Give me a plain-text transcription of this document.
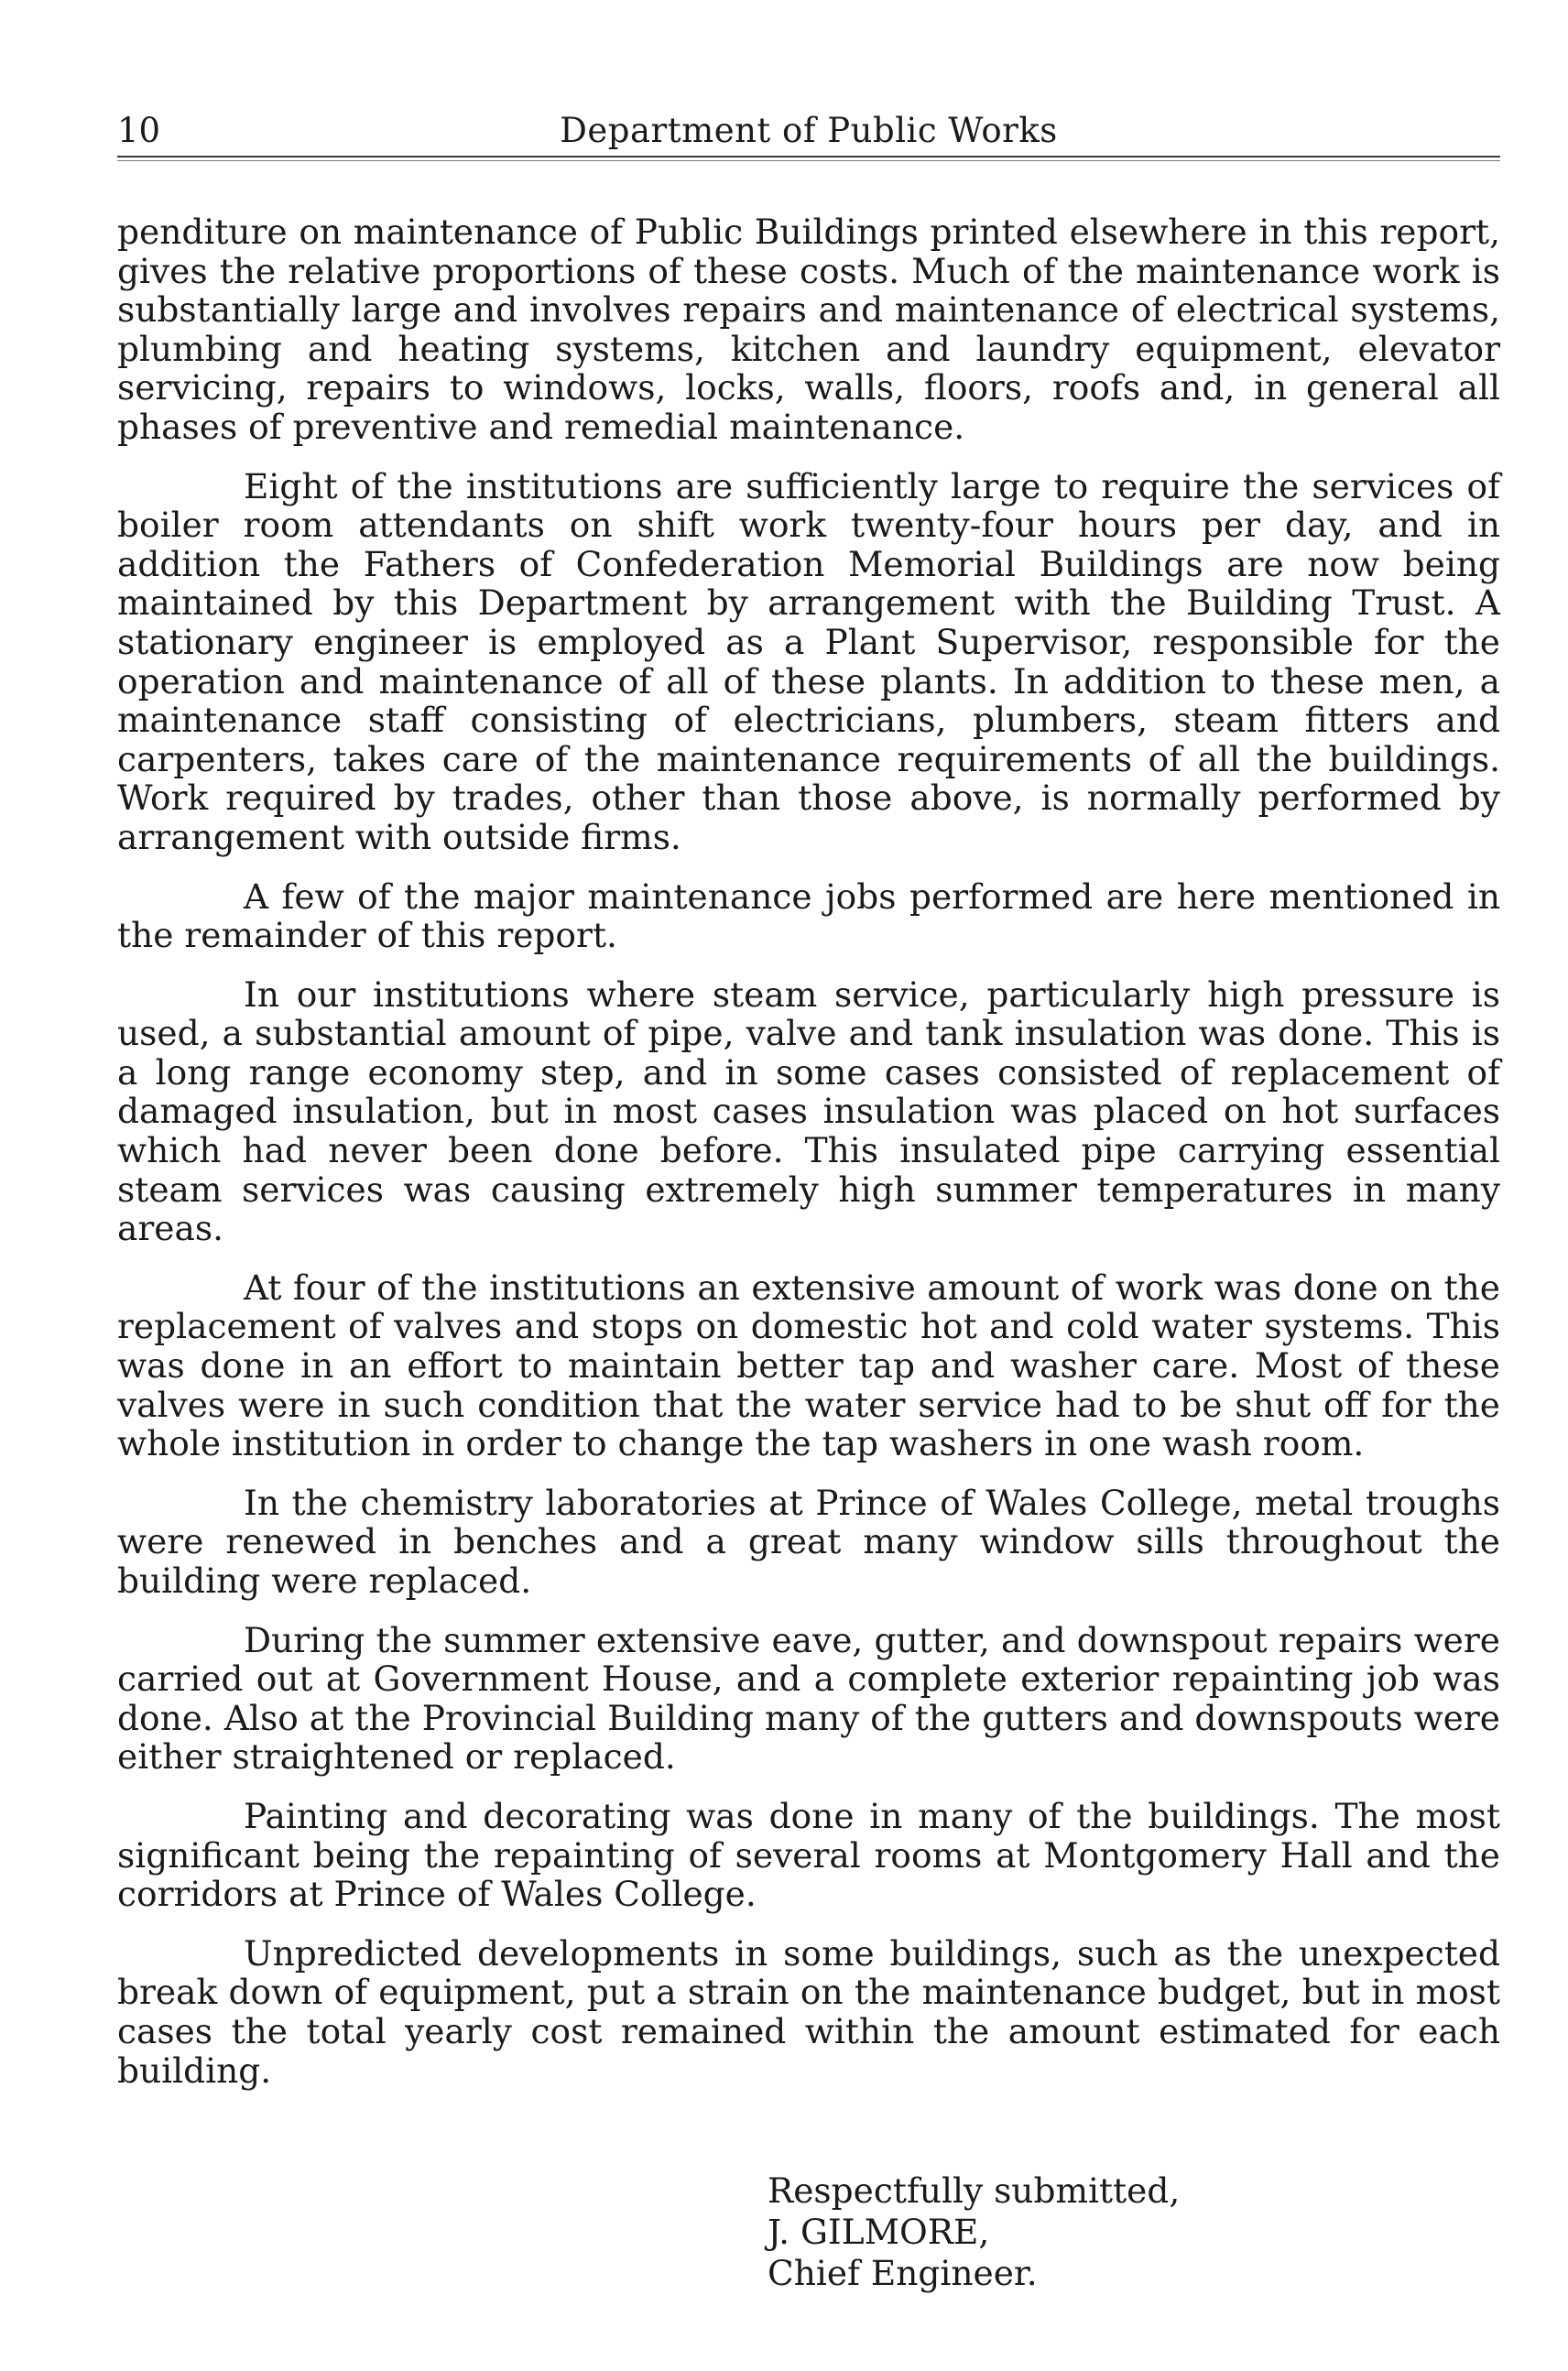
10	Department of Public Works

penditure on maintenance of Public Buildings printed elsewhere in this report, gives the relative proportions of these costs. Much of the maintenance work is substantially large and involves repairs and maintenance of electrical systems, plumbing and heating systems, kitchen and laundry equipment, elevator servicing, repairs to windows, locks, walls, floors, roofs and, in general all phases of preventive and remedial maintenance.

Eight of the institutions are sufficiently large to require the services of boiler room attendants on shift work twenty-four hours per day, and in addition the Fathers of Confederation Memorial Buildings are now being maintained by this Department by arrangement with the Building Trust. A stationary engineer is employed as a Plant Supervisor, responsible for the operation and maintenance of all of these plants. In addition to these men, a maintenance staff consisting of electricians, plumbers, steam fitters and carpenters, takes care of the maintenance requirements of all the buildings. Work required by trades, other than those above, is normally performed by arrangement with outside firms.

A few of the major maintenance jobs performed are here mentioned in the remainder of this report.

In our institutions where steam service, particularly high pressure is used, a substantial amount of pipe, valve and tank insulation was done. This is a long range economy step, and in some cases consisted of replacement of damaged insulation, but in most cases insulation was placed on hot surfaces which had never been done before. This insulated pipe carrying essential steam services was causing extremely high summer temperatures in many areas.

At four of the institutions an extensive amount of work was done on the replacement of valves and stops on domestic hot and cold water systems. This was done in an effort to maintain better tap and washer care. Most of these valves were in such condition that the water service had to be shut off for the whole institution in order to change the tap washers in one wash room.

In the chemistry laboratories at Prince of Wales College, metal troughs were renewed in benches and a great many window sills throughout the building were replaced.

During the summer extensive eave, gutter, and downspout repairs were carried out at Government House, and a complete exterior repainting job was done. Also at the Provincial Building many of the gutters and downspouts were either straightened or replaced.

Painting and decorating was done in many of the buildings. The most significant being the repainting of several rooms at Montgomery Hall and the corridors at Prince of Wales College.

Unpredicted developments in some buildings, such as the unexpected break down of equipment, put a strain on the maintenance budget, but in most cases the total yearly cost remained within the amount estimated for each building.

Respectfully submitted,
J. GILMORE,
Chief Engineer.
